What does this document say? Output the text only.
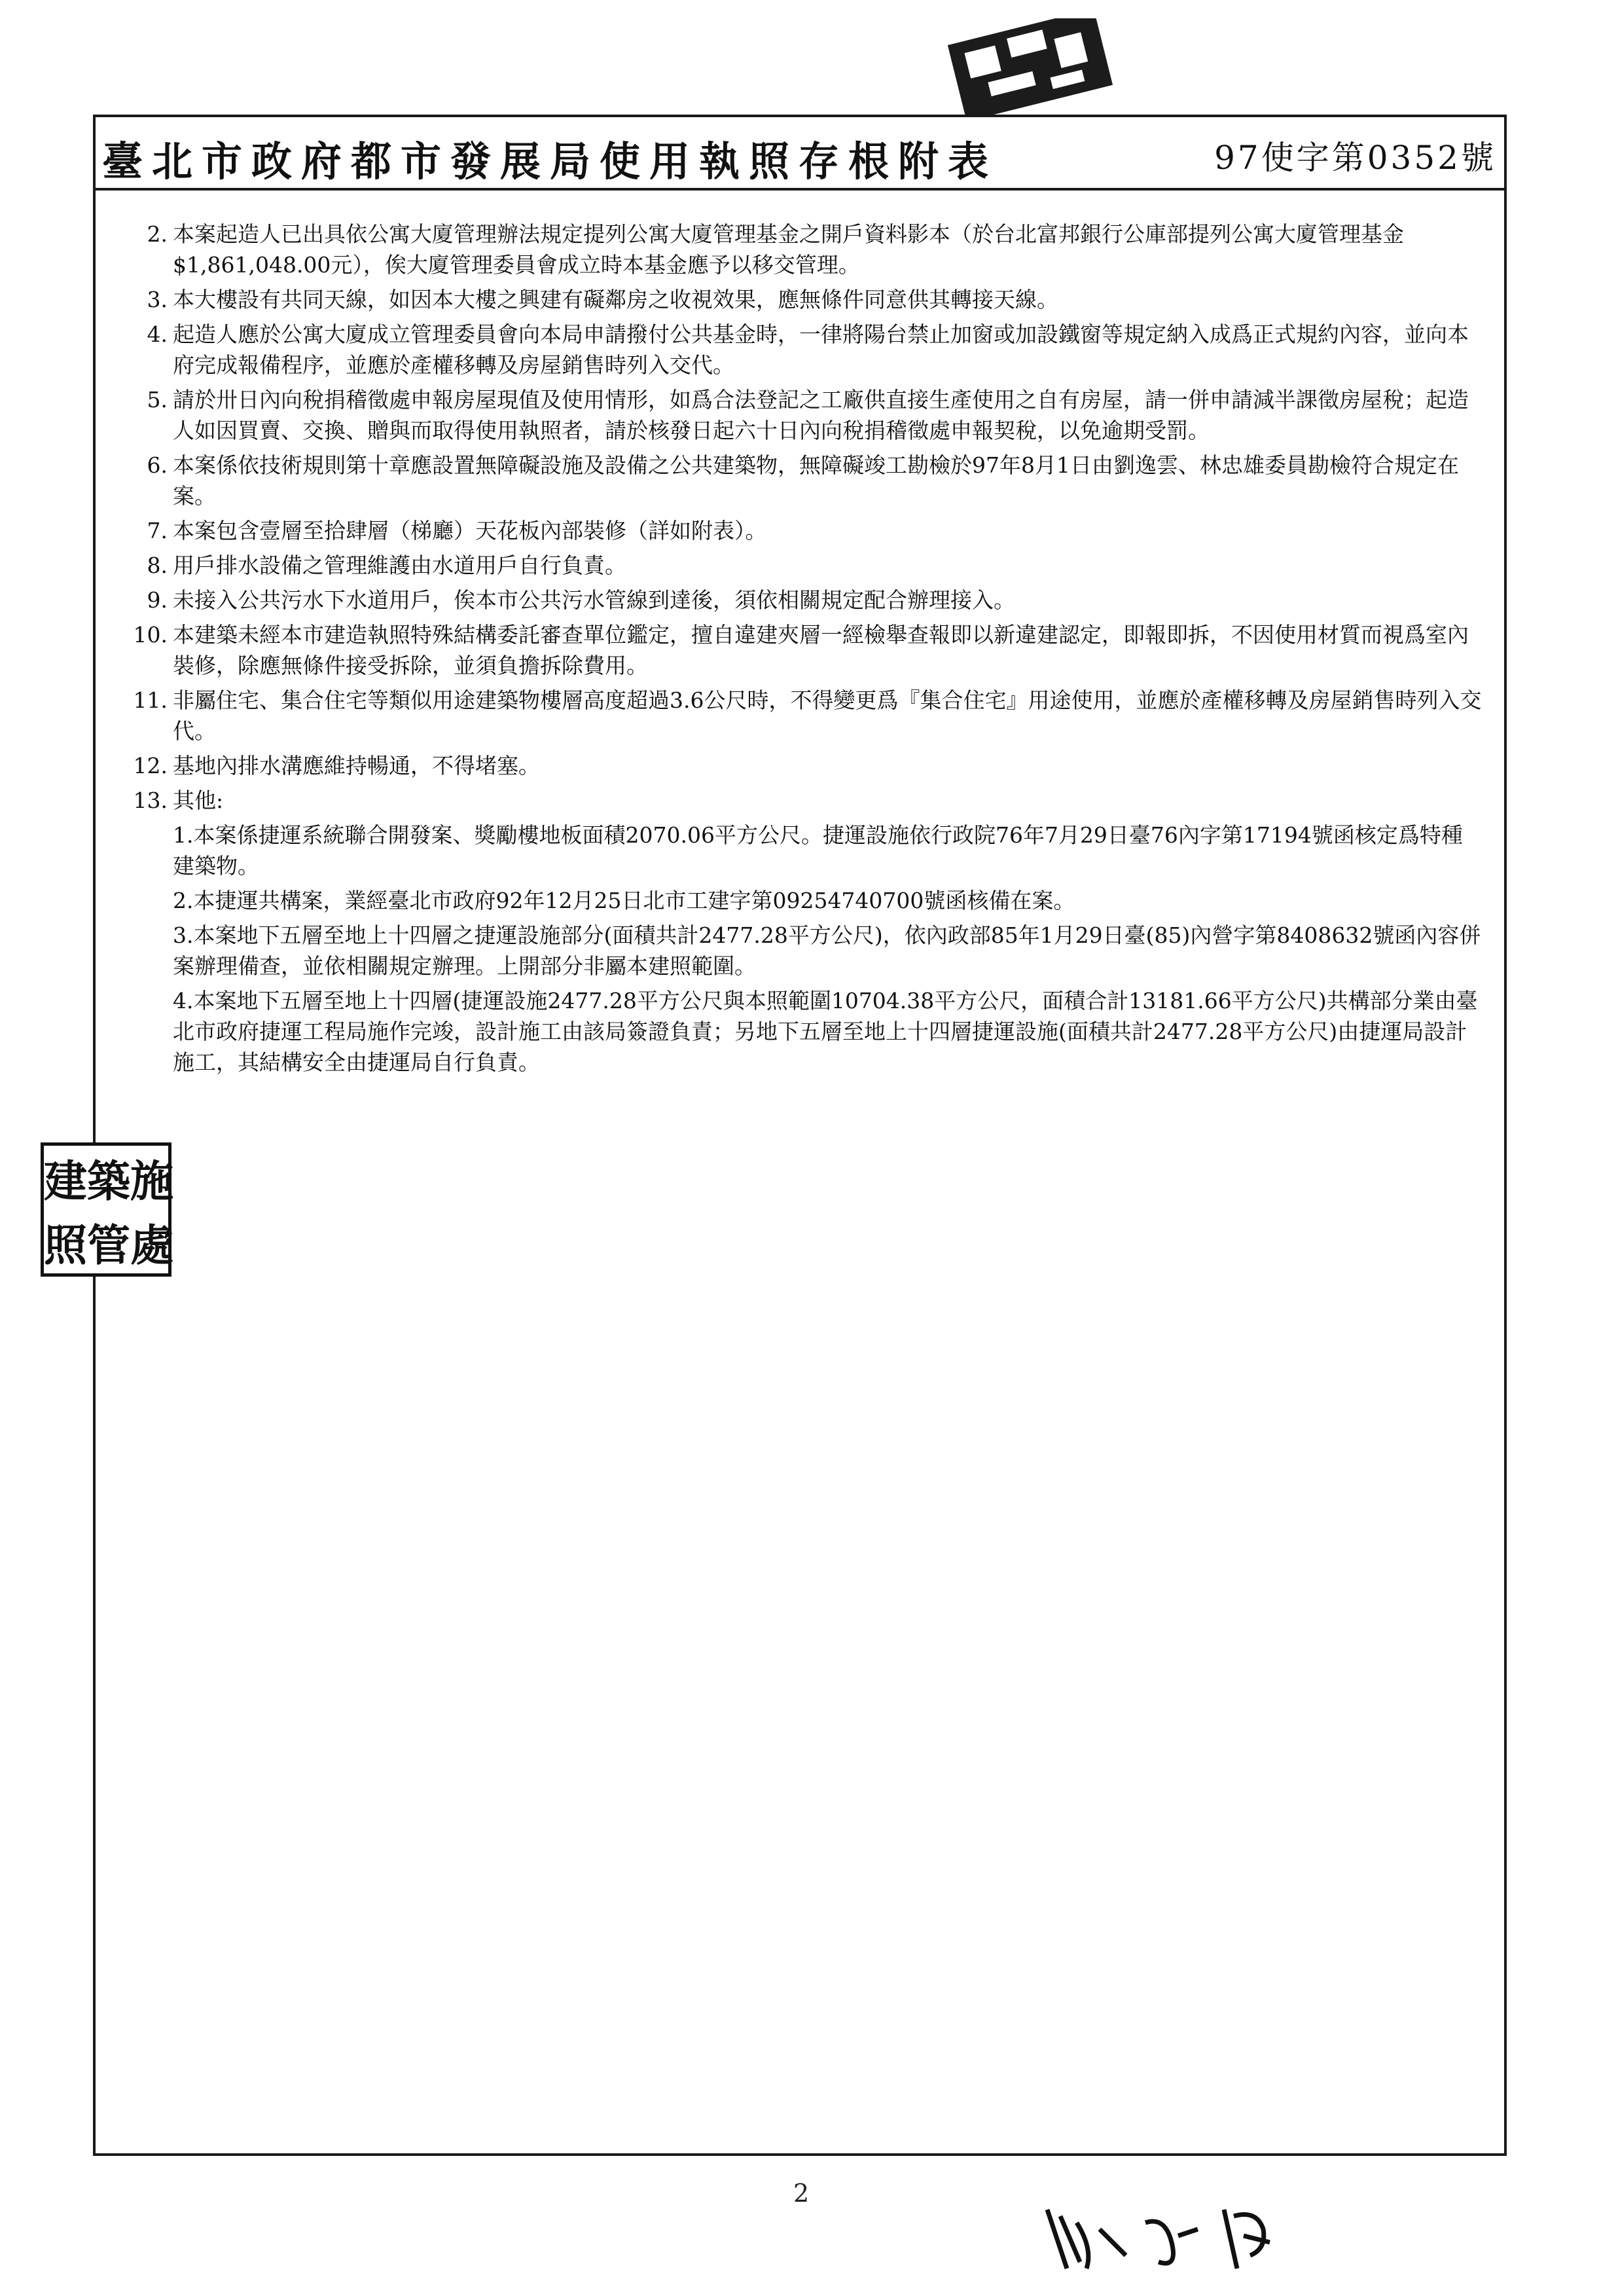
臺北市政府都市發展局使用執照存根附表	97使字第0352號
2. 本案起造人已出具依公寓大廈管理辦法規定提列公寓大廈管理基金之開戶資料影本（於台北富邦銀行公庫部提列公寓大廈管理基金$1,861,048.00元），俟大廈管理委員會成立時本基金應予以移交管理。
3. 本大樓設有共同天線，如因本大樓之興建有礙鄰房之收視效果，應無條件同意供其轉接天線。
4. 起造人應於公寓大廈成立管理委員會向本局申請撥付公共基金時，一律將陽台禁止加窗或加設鐵窗等規定納入成爲正式規約內容，並向本府完成報備程序，並應於產權移轉及房屋銷售時列入交代。
5. 請於卅日內向稅捐稽徵處申報房屋現值及使用情形，如爲合法登記之工廠供直接生產使用之自有房屋，請一併申請減半課徵房屋稅；起造人如因買賣、交換、贈與而取得使用執照者，請於核發日起六十日內向稅捐稽徵處申報契稅，以免逾期受罰。
6. 本案係依技術規則第十章應設置無障礙設施及設備之公共建築物，無障礙竣工勘檢於97年8月1日由劉逸雲、林忠雄委員勘檢符合規定在案。
7. 本案包含壹層至拾肆層（梯廳）天花板內部裝修（詳如附表）。
8. 用戶排水設備之管理維護由水道用戶自行負責。
9. 未接入公共污水下水道用戶，俟本市公共污水管線到達後，須依相關規定配合辦理接入。
10. 本建築未經本市建造執照特殊結構委託審查單位鑑定，擅自違建夾層一經檢舉查報即以新違建認定，即報即拆，不因使用材質而視爲室內裝修，除應無條件接受拆除，並須負擔拆除費用。
11. 非屬住宅、集合住宅等類似用途建築物樓層高度超過3.6公尺時，不得變更爲『集合住宅』用途使用，並應於產權移轉及房屋銷售時列入交代。
12. 基地內排水溝應維持暢通，不得堵塞。
13. 其他:
1.本案係捷運系統聯合開發案、獎勵樓地板面積2070.06平方公尺。捷運設施依行政院76年7月29日臺76內字第17194號函核定爲特種建築物。
2.本捷運共構案，業經臺北市政府92年12月25日北市工建字第09254740700號函核備在案。
3.本案地下五層至地上十四層之捷運設施部分(面積共計2477.28平方公尺)，依內政部85年1月29日臺(85)內營字第8408632號函內容併案辦理備查，並依相關規定辦理。上開部分非屬本建照範圍。
4.本案地下五層至地上十四層(捷運設施2477.28平方公尺與本照範圍10704.38平方公尺，面積合計13181.66平方公尺)共構部分業由臺北市政府捷運工程局施作完竣，設計施工由該局簽證負責；另地下五層至地上十四層捷運設施(面積共計2477.28平方公尺)由捷運局設計施工，其結構安全由捷運局自行負責。
建 築 施
照 管 處
2
